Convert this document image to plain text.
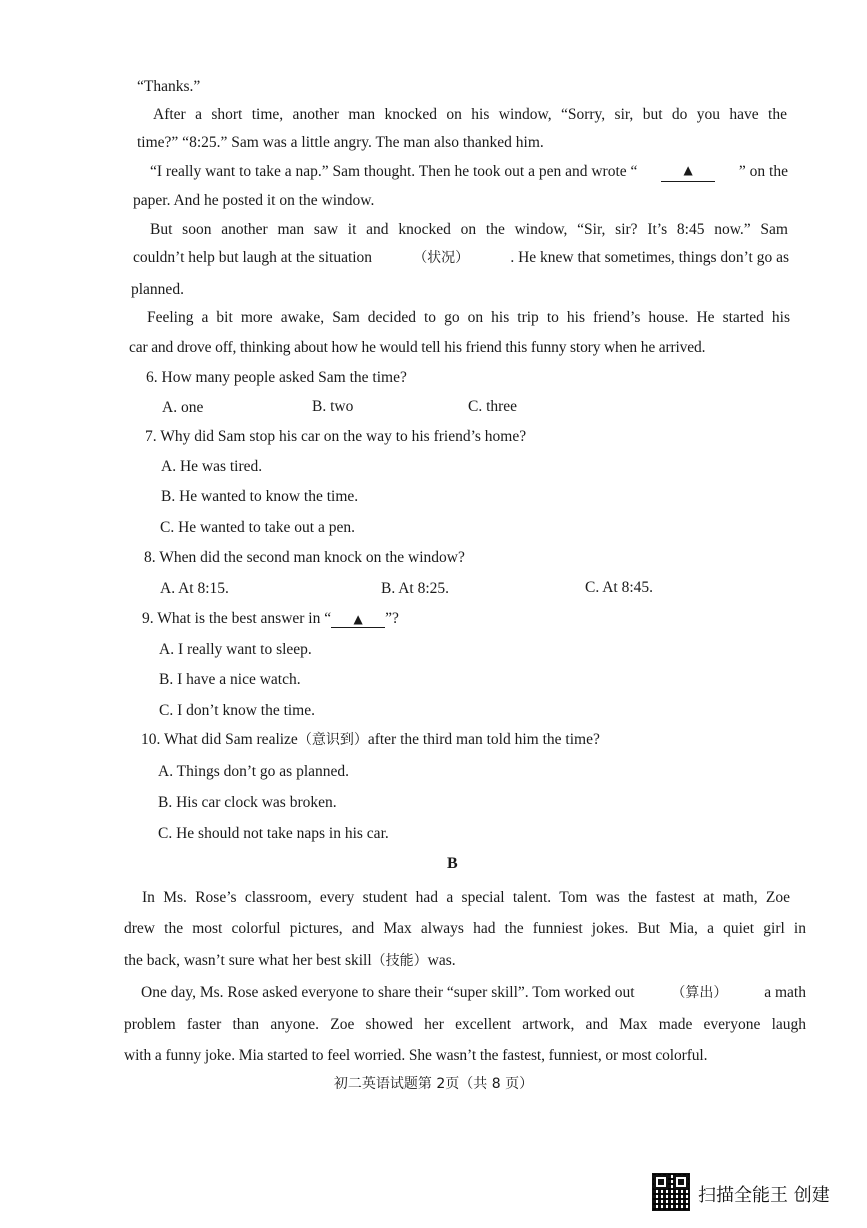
“Thanks.”
After a short time, another man knocked on his window, “Sorry, sir, but do you have the
time?” “8:25.” Sam was a little angry. The man also thanked him.
“I really want to take a nap.” Sam thought. Then he took out a pen and wrote “	▲	” on the
paper. And he posted it on the window.
But soon another man saw it and knocked on the window, “Sir, sir? It’s 8:45 now.” Sam
couldn’t help but laugh at the situation	（状况）	. He knew that sometimes, things don’t go as
planned.
Feeling a bit more awake, Sam decided to go on his trip to his friend’s house. He started his
car and drove off, thinking about how he would tell his friend this funny story when he arrived.
6. How many people asked Sam the time?
A. one	B. two	C. three
7. Why did Sam stop his car on the way to his friend’s home?
A. He was tired.
B. He wanted to know the time.
C. He wanted to take out a pen.
8. When did the second man knock on the window?
A. At 8:15.	B. At 8:25.	C. At 8:45.
9. What is the best answer in “ ▲ ”?
A. I really want to sleep.
B. I have a nice watch.
C. I don’t know the time.
10. What did Sam realize（意识到）after the third man told him the time?
A. Things don’t go as planned.
B. His car clock was broken.
C. He should not take naps in his car.
B
In Ms. Rose’s classroom, every student had a special talent. Tom was the fastest at math, Zoe
drew the most colorful pictures, and Max always had the funniest jokes. But Mia, a quiet girl in
the back, wasn’t sure what her best skill（技能）was.
One day, Ms. Rose asked everyone to share their “super skill”. Tom worked out	（算出） a math
problem faster than anyone. Zoe showed her excellent artwork, and Max made everyone laugh
with a funny joke. Mia started to feel worried. She wasn’t the fastest, funniest, or most colorful.
初二英语试题第 2页（共 8 页）
扫描全能王 创建
